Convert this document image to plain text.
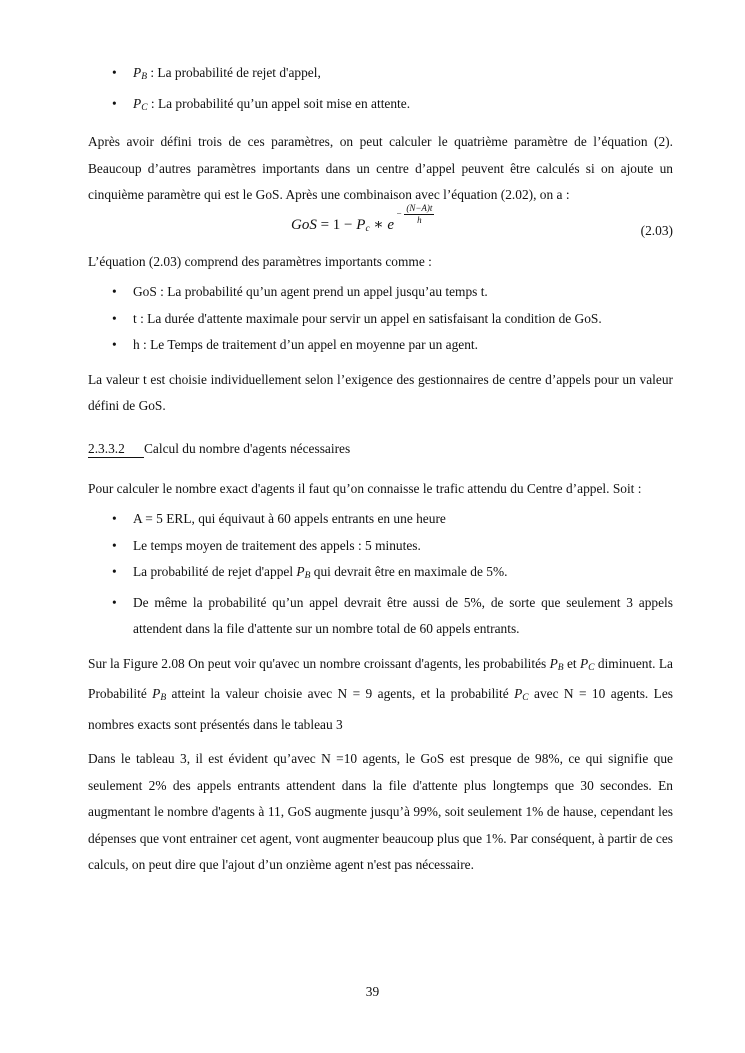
• $P_B$ : La probabilité de rejet d'appel,
• $P_C$ : La probabilité qu’un appel soit mise en attente.

Après avoir défini trois de ces paramètres, on peut calculer le quatrième paramètre de l’équation (2). Beaucoup d’autres paramètres importants dans un centre d’appel peuvent être calculés si on ajoute un cinquième paramètre qui est le GoS. Après une combinaison avec l’équation (2.02), on a :

GoS = $1 - P_c$ ∗ $e- \frac{(N-A)t}{h}$
(2.03)

L’équation (2.03) comprend des paramètres importants comme :

• GoS : La probabilité qu’un agent prend un appel jusqu’au temps t.
• t : La durée d'attente maximale pour servir un appel en satisfaisant la condition de GoS.
• h : Le Temps de traitement d’un appel en moyenne par un agent.

La valeur t est choisie individuellement selon l’exigence des gestionnaires de centre d’appels pour un valeur défini de GoS.

2.3.3.2 Calcul du nombre d'agents nécessaires

Pour calculer le nombre exact d'agents il faut qu’on connaisse le trafic attendu du Centre d’appel. Soit :

• A = 5 ERL, qui équivaut à 60 appels entrants en une heure
• Le temps moyen de traitement des appels : 5 minutes.
• La probabilité de rejet d'appel $P_B$ qui devrait être en maximale de 5%.
• De même la probabilité qu’un appel devrait être aussi de 5%, de sorte que seulement 3 appels attendent dans la file d'attente sur un nombre total de 60 appels entrants.

Sur la Figure 2.08 On peut voir qu'avec un nombre croissant d'agents, les probabilités $P_B$ et $P_C$ diminuent. La Probabilité $P_B$ atteint la valeur choisie avec N = 9 agents, et la probabilité $P_C$ avec N = 10 agents. Les nombres exacts sont présentés dans le tableau 3

Dans le tableau 3, il est évident qu’avec N =10 agents, le GoS est presque de 98%, ce qui signifie que seulement 2% des appels entrants attendent dans la file d'attente plus longtemps que 30 secondes. En augmentant le nombre d'agents à 11, GoS augmente jusqu’à 99%, soit seulement 1% de hause, cependant les dépenses que vont entrainer cet agent, vont augmenter beaucoup plus que 1%. Par conséquent, à partir de ces calculs, on peut dire que l'ajout d’un onzième agent n'est pas nécessaire.

39
